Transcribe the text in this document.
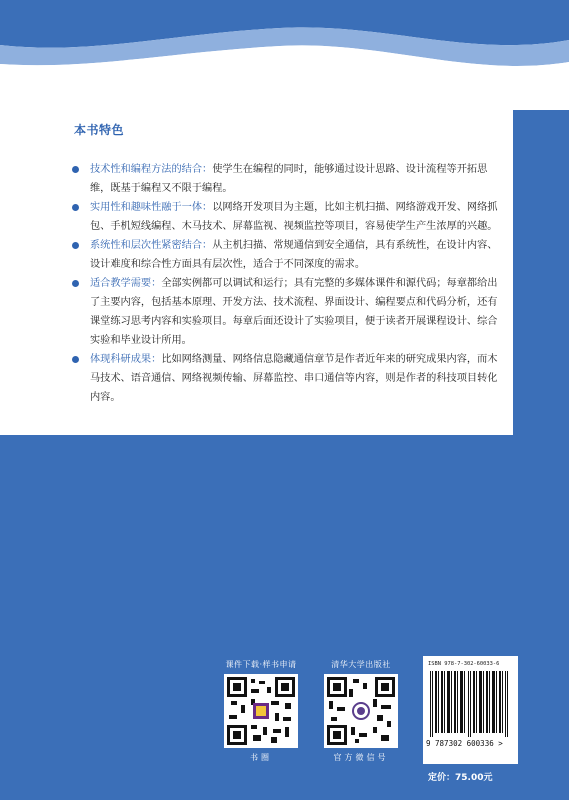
本书特色
技术性和编程方法的结合：使学生在编程的同时，能够通过设计思路、设计流程等开拓思维，既基于编程又不限于编程。
实用性和趣味性融于一体：以网络开发项目为主题，比如主机扫描、网络游戏开发、网络抓包、手机短线编程、木马技术、屏幕监视、视频监控等项目，容易使学生产生浓厚的兴趣。
系统性和层次性紧密结合：从主机扫描、常规通信到安全通信，具有系统性，在设计内容、设计难度和综合性方面具有层次性，适合于不同深度的需求。
适合教学需要：全部实例都可以调试和运行；具有完整的多媒体课件和源代码；每章都给出了主要内容，包括基本原理、开发方法、技术流程、界面设计、编程要点和代码分析，还有课堂练习思考内容和实验项目。每章后面还设计了实验项目，便于读者开展课程设计、综合实验和毕业设计所用。
体现科研成果：比如网络测量、网络信息隐藏通信章节是作者近年来的研究成果内容，而木马技术、语音通信、网络视频传输、屏幕监控、串口通信等内容，则是作者的科技项目转化内容。
课件下载·样书申请
书圈
清华大学出版社
官方微信号
ISBN 978-7-302-60033-6
9 787302 600336 >
定价：75.00元
